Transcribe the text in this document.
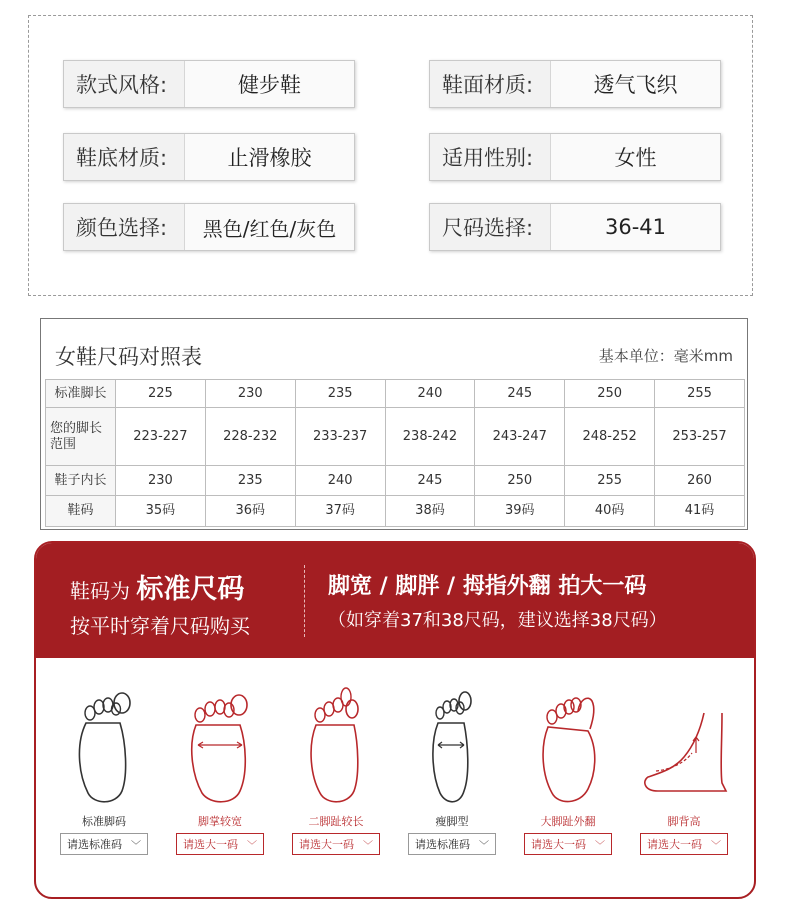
款式风格:	健步鞋	鞋面材质:	透气飞织
鞋底材质:	止滑橡胶	适用性别:	女性
颜色选择:	黑色/红色/灰色	尺码选择:	36-41
女鞋尺码对照表	基本单位：毫米mm
标准脚长	225	230	235	240	245	250	255
您的脚长
范围	223-227	228-232	233-237	238-242	243-247	248-252	253-257
鞋子内长	230	235	240	245	250	255	260
鞋码	35码	36码	37码	38码	39码	40码	41码
鞋码为 标准尺码
按平时穿着尺码购买
脚宽 / 脚胖 / 拇指外翻 拍大一码
（如穿着37和38尺码，建议选择38尺码）
标准脚码
请选标准码 ﹀
脚掌较宽
请选大一码 ﹀
二脚趾较长
请选大一码 ﹀
瘦脚型
请选标准码 ﹀
大脚趾外翻
请选大一码 ﹀
脚背高
请选大一码 ﹀
